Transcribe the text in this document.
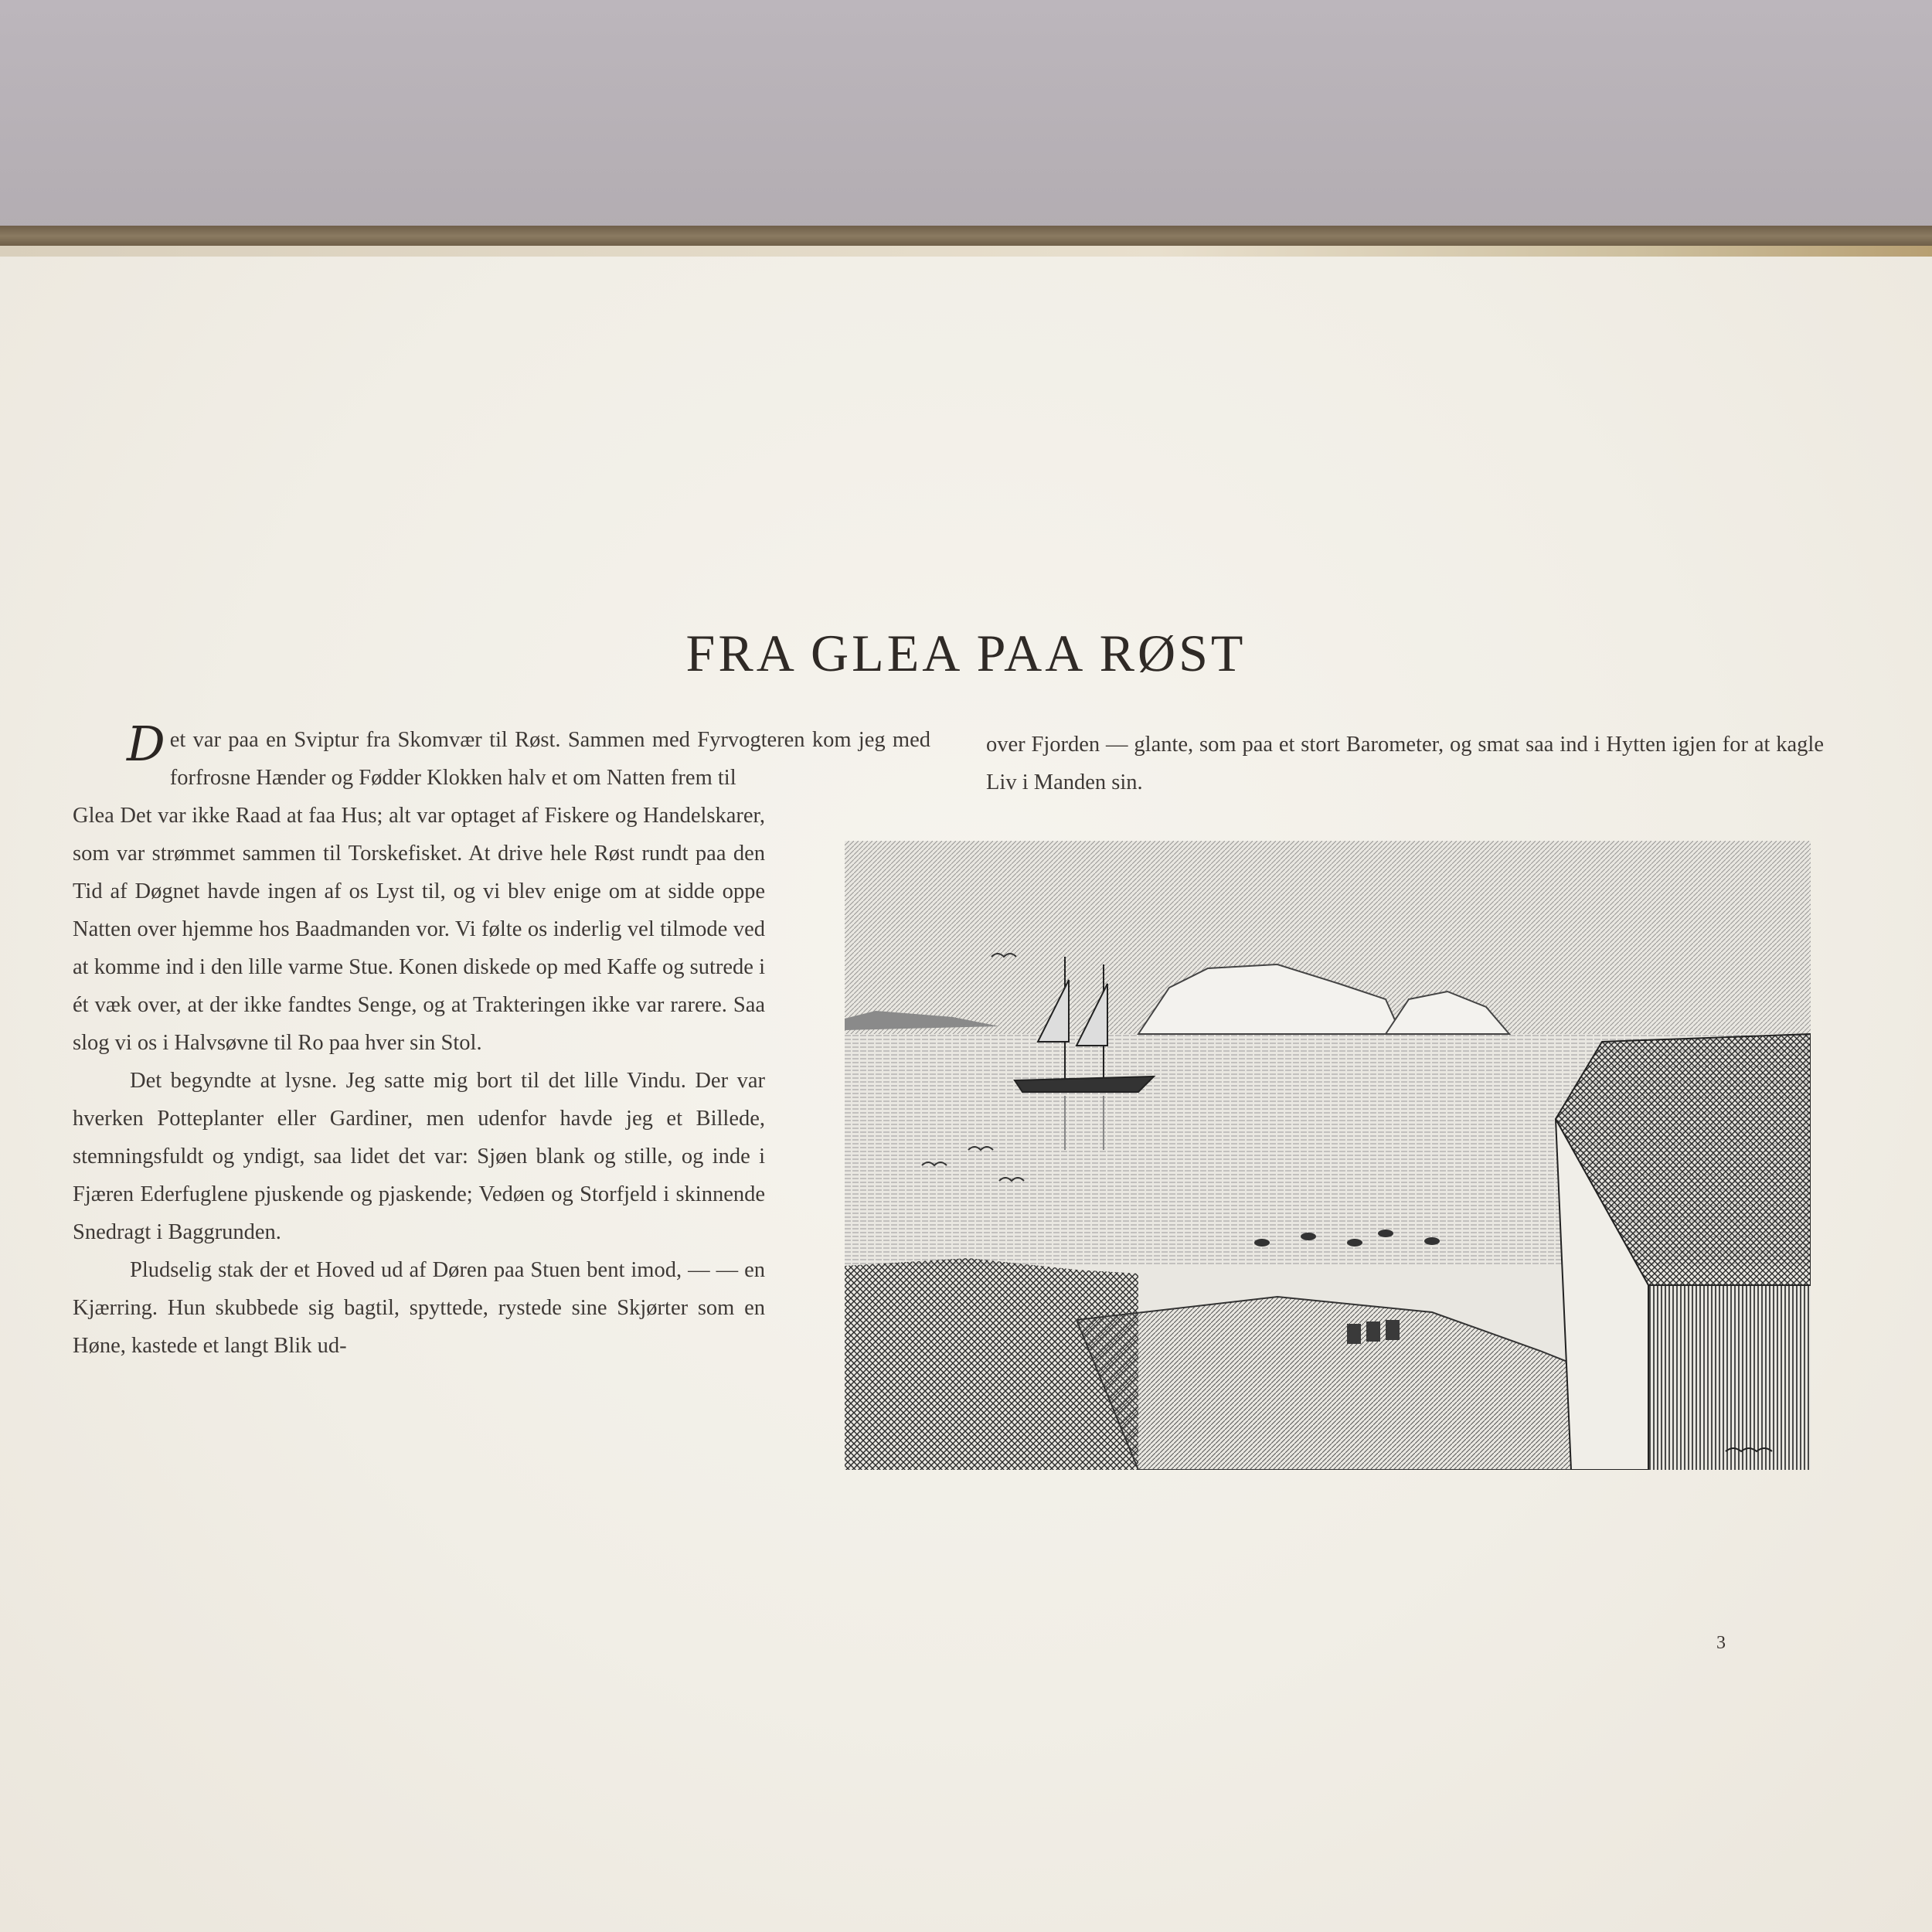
FRA GLEA PAA RØST

Det var paa en Sviptur fra Skomvær til Røst. Sammen med Fyrvogteren kom jeg med forfrosne Hænder og Fødder Klokken halv et om Natten frem til

Glea Det var ikke Raad at faa Hus; alt var optaget af Fiskere og Handelskarer, som var strømmet sammen til Torskefisket. At drive hele Røst rundt paa den Tid af Døgnet havde ingen af os Lyst til, og vi blev enige om at sidde oppe Natten over hjemme hos Baadmanden vor. Vi følte os inderlig vel tilmode ved at komme ind i den lille varme Stue. Konen diskede op med Kaffe og sutrede i ét væk over, at der ikke fandtes Senge, og at Trakteringen ikke var rarere. Saa slog vi os i Halvsøvne til Ro paa hver sin Stol.

Det begyndte at lysne. Jeg satte mig bort til det lille Vindu. Der var hverken Potteplanter eller Gardiner, men udenfor havde jeg et Billede, stemningsfuldt og yndigt, saa lidet det var: Sjøen blank og stille, og inde i Fjæren Ederfuglene pjuskende og pjaskende; Vedøen og Storfjeld i skinnende Snedragt i Baggrunden.

Pludselig stak der et Hoved ud af Døren paa Stuen bent imod, — — en Kjærring. Hun skubbede sig bagtil, spyttede, rystede sine Skjørter som en Høne, kastede et langt Blik ud-

over Fjorden — glante, som paa et stort Barometer, og smat saa ind i Hytten igjen for at kagle Liv i Manden sin.

3
